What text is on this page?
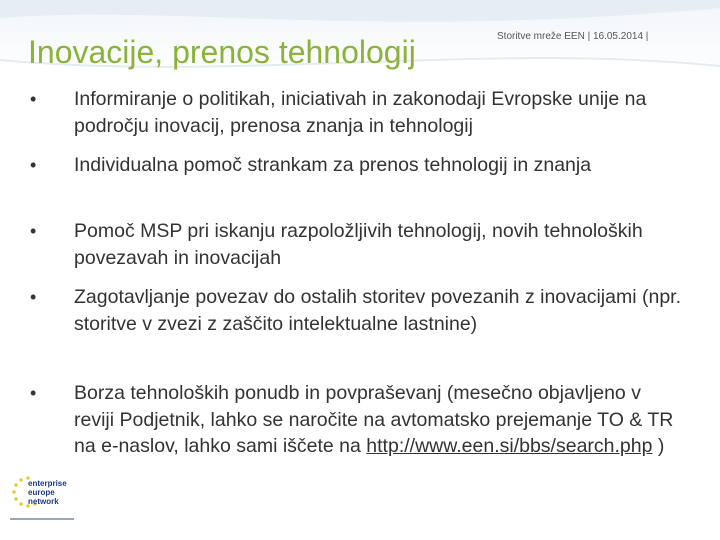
Inovacije, prenos tehnologij	Storitve mreže EEN | 16.05.2014 |
• Informiranje o politikah, iniciativah in zakonodaji Evropske unije na področju inovacij, prenosa znanja in tehnologij
• Individualna pomoč strankam za prenos tehnologij in znanja
• Pomoč MSP pri iskanju razpoložljivih tehnologij, novih tehnoloških povezavah in inovacijah
• Zagotavljanje povezav do ostalih storitev povezanih z inovacijami (npr. storitve v zvezi z zaščito intelektualne lastnine)
• Borza tehnoloških ponudb in povpraševanj (mesečno objavljeno v reviji Podjetnik, lahko se naročite na avtomatsko prejemanje TO & TR na e-naslov, lahko sami iščete na http://www.een.si/bbs/search.php )
enterprise
europe
network
